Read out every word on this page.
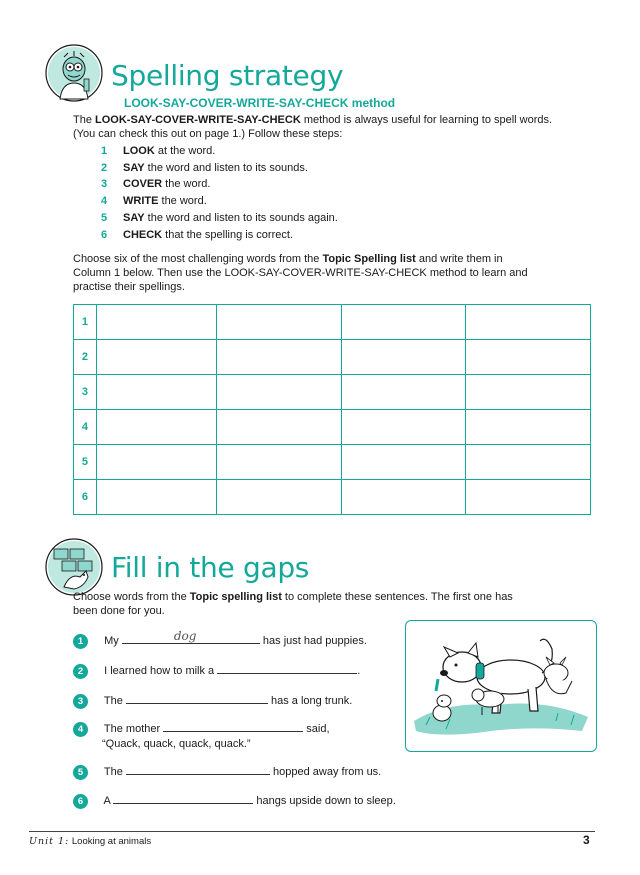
Spelling strategy
LOOK-SAY-COVER-WRITE-SAY-CHECK method
The LOOK-SAY-COVER-WRITE-SAY-CHECK method is always useful for learning to spell words.
(You can check this out on page 1.) Follow these steps:
1 LOOK at the word.
2 SAY the word and listen to its sounds.
3 COVER the word.
4 WRITE the word.
5 SAY the word and listen to its sounds again.
6 CHECK that the spelling is correct.
Choose six of the most challenging words from the Topic Spelling list and write them in
Column 1 below. Then use the LOOK-SAY-COVER-WRITE-SAY-CHECK method to learn and
practise their spellings.
1				
2				
3				
4				
5				
6				
Fill in the gaps
Choose words from the Topic spelling list to complete these sentences. The first one has
been done for you.
1 My	dog	has just had puppies.
2 I learned how to milk a	.
3 The	has a long trunk.
4 The mother	said,
“Quack, quack, quack, quack.”
5 The	hopped away from us.
6 A	hangs upside down to sleep.
Unit 1: Looking at animals	3
